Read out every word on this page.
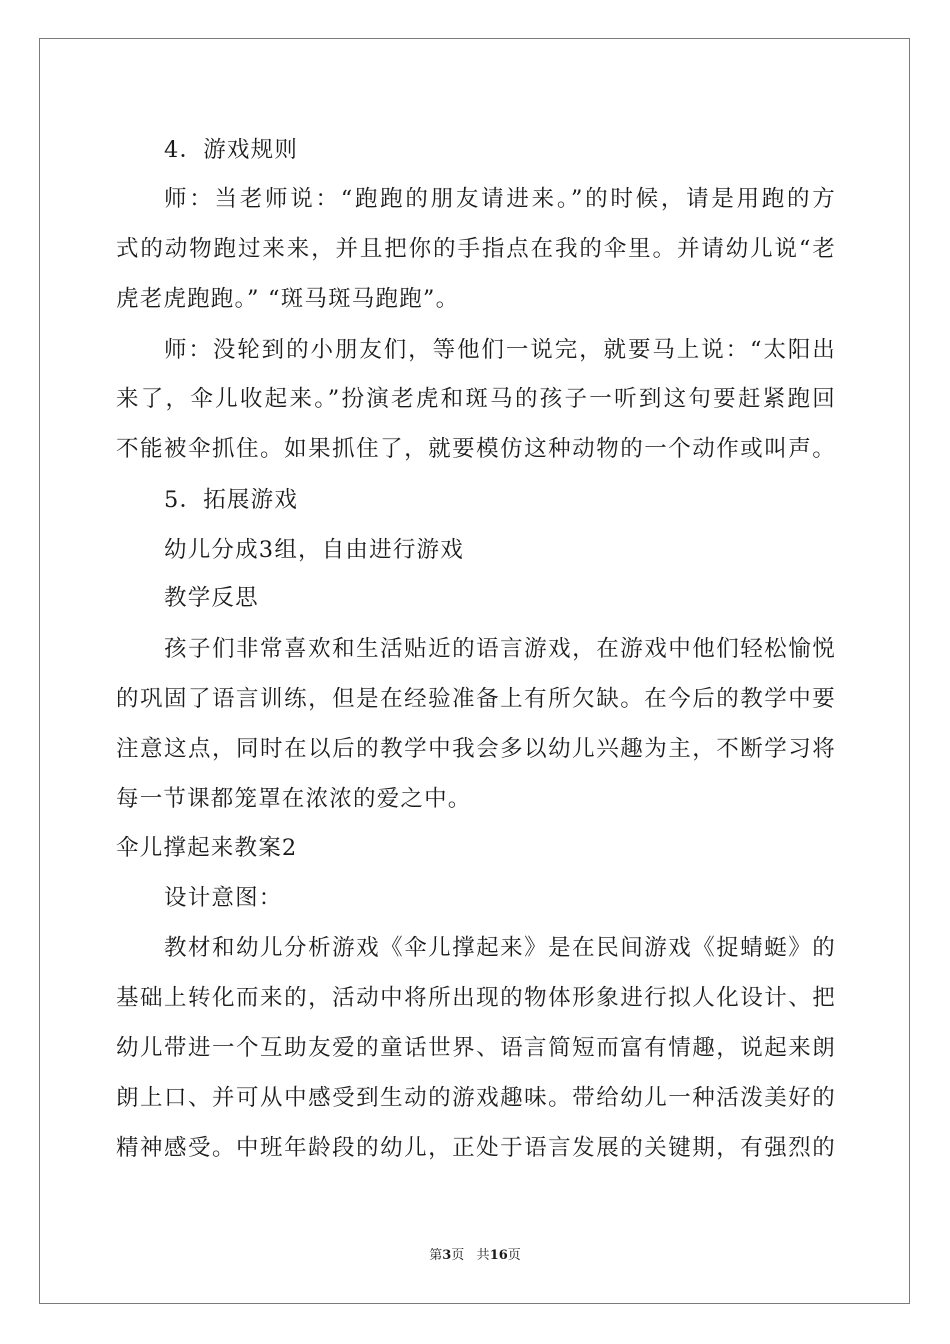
4．游戏规则
师：当老师说：“跑跑的朋友请进来。”的时候，请是用跑的方
式的动物跑过来来，并且把你的手指点在我的伞里。并请幼儿说“老
虎老虎跑跑。” “斑马斑马跑跑”。
师：没轮到的小朋友们，等他们一说完，就要马上说：“太阳出
来了，伞儿收起来。”扮演老虎和斑马的孩子一听到这句要赶紧跑回
不能被伞抓住。如果抓住了，就要模仿这种动物的一个动作或叫声。
5．拓展游戏
幼儿分成3组，自由进行游戏
教学反思
孩子们非常喜欢和生活贴近的语言游戏，在游戏中他们轻松愉悦
的巩固了语言训练，但是在经验准备上有所欠缺。在今后的教学中要
注意这点，同时在以后的教学中我会多以幼儿兴趣为主，不断学习将
每一节课都笼罩在浓浓的爱之中。
伞儿撑起来教案2
设计意图：
教材和幼儿分析游戏《伞儿撑起来》是在民间游戏《捉蜻蜓》的
基础上转化而来的，活动中将所出现的物体形象进行拟人化设计、把
幼儿带进一个互助友爱的童话世界、语言简短而富有情趣，说起来朗
朗上口、并可从中感受到生动的游戏趣味。带给幼儿一种活泼美好的
精神感受。中班年龄段的幼儿，正处于语言发展的关键期，有强烈的
第3页 共16页
